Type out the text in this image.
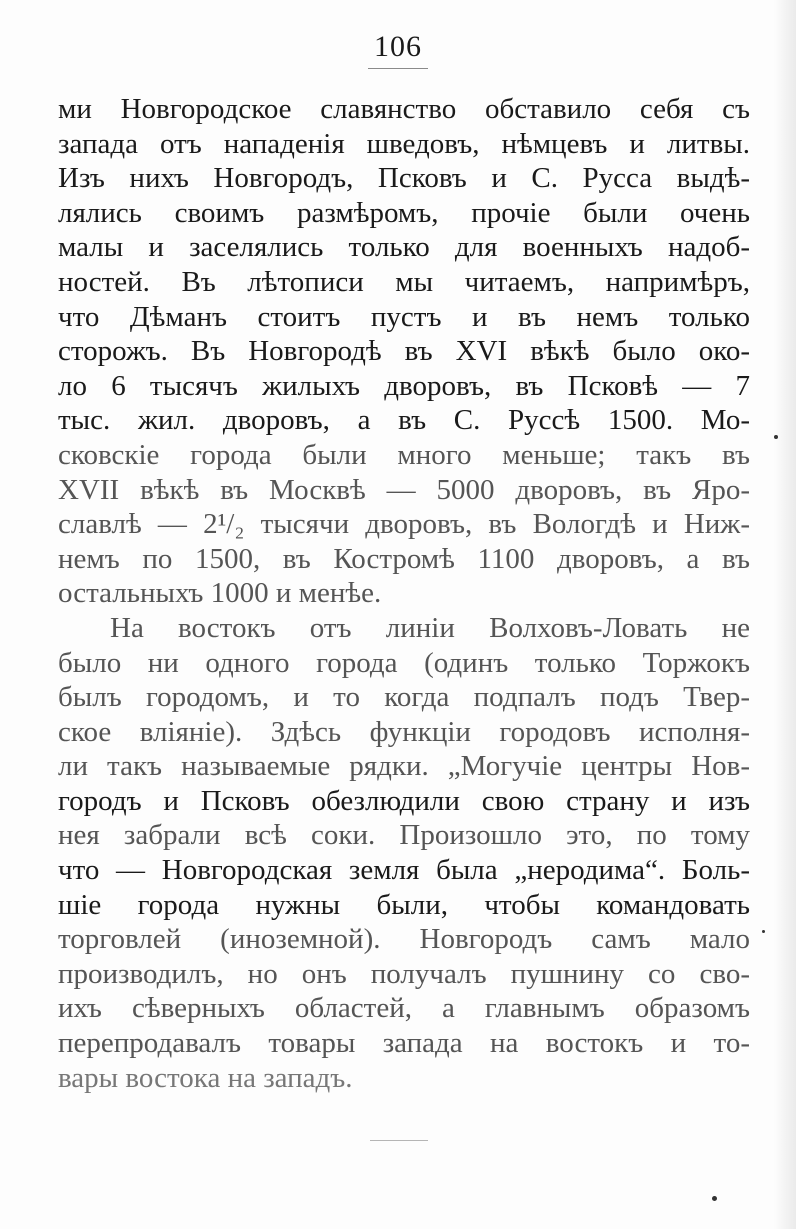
106
ми Новгородское славянство обставило себя съ
запада отъ нападенія шведовъ, нѣмцевъ и литвы.
Изъ нихъ Новгородъ, Псковъ и С. Русса выдѣ-
лялись своимъ размѣромъ, прочіе были очень
малы и заселялись только для военныхъ надоб-
ностей. Въ лѣтописи мы читаемъ, напримѣръ,
что Дѣманъ стоитъ пустъ и въ немъ только
сторожъ. Въ Новгородѣ въ XVI вѣкѣ было око-
ло 6 тысячъ жилыхъ дворовъ, въ Псковѣ — 7
тыс. жил. дворовъ, а въ С. Руссѣ 1500. Мо-
сковскіе города были много меньше; такъ въ
XVII вѣкѣ въ Москвѣ — 5000 дворовъ, въ Яро-
славлѣ — 2¹/₂ тысячи дворовъ, въ Вологдѣ и Ниж-
немъ по 1500, въ Костромѣ 1100 дворовъ, а въ
остальныхъ 1000 и менѣе.
На востокъ отъ линіи Волховъ-Ловать не
было ни одного города (одинъ только Торжокъ
былъ городомъ, и то когда подпалъ подъ Твер-
ское вліяніе). Здѣсь функціи городовъ исполня-
ли такъ называемые рядки. „Могучіе центры Нов-
городъ и Псковъ обезлюдили свою страну и изъ
нея забрали всѣ соки. Произошло это, по тому
что — Новгородская земля была „неродима“. Боль-
шіе города нужны были, чтобы командовать
торговлей (иноземной). Новгородъ самъ мало
производилъ, но онъ получалъ пушнину со сво-
ихъ сѣверныхъ областей, а главнымъ образомъ
перепродавалъ товары запада на востокъ и то-
вары востока на западъ.
